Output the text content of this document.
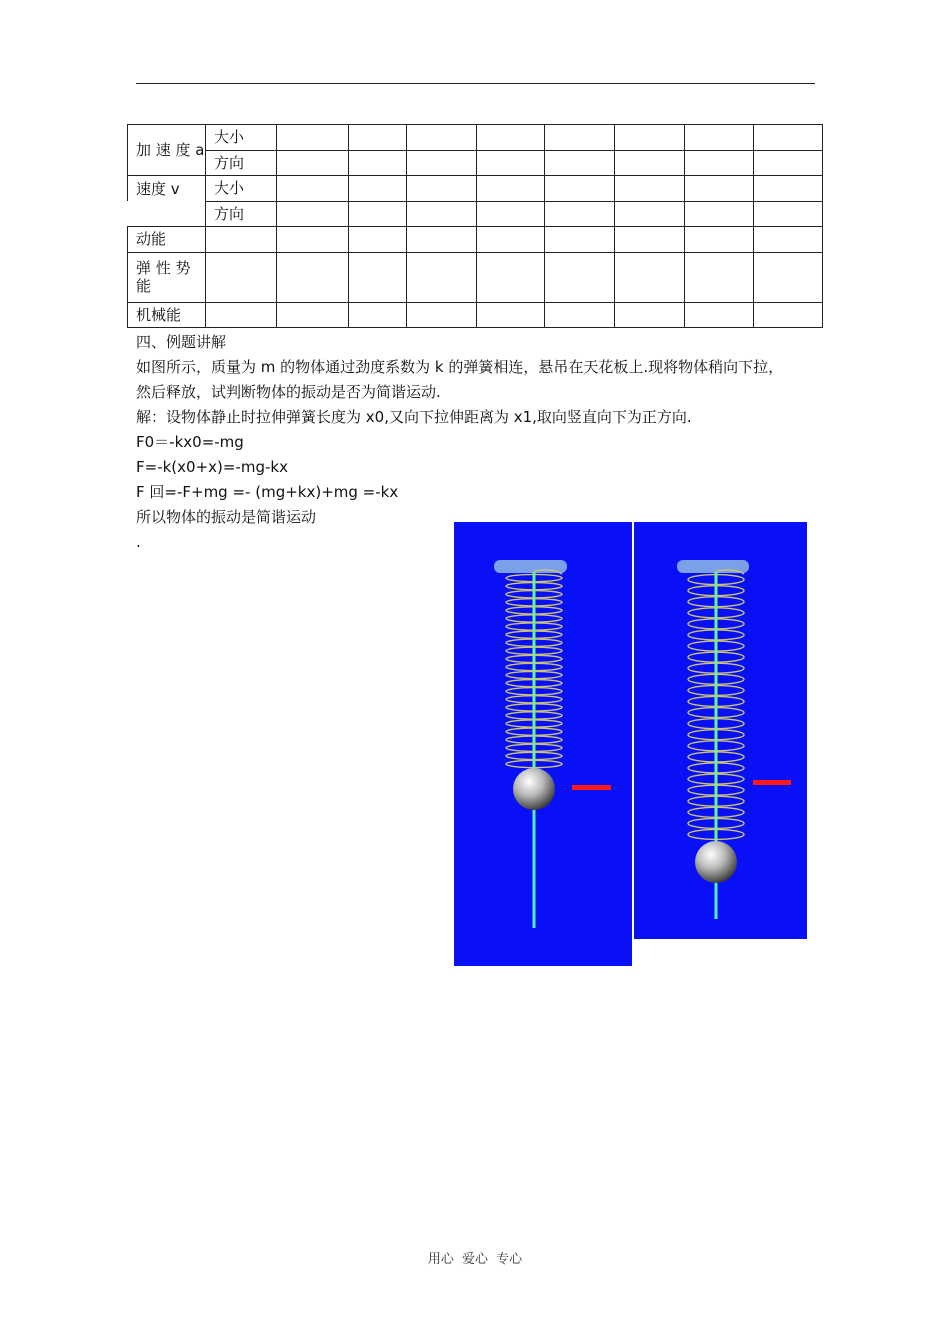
加 速 度 a	大小								
	方向								
速度 v	大小								
	方向								
动能									
弹 性 势 能									
机械能									
四、例题讲解
如图所示，质量为 m 的物体通过劲度系数为 k 的弹簧相连，悬吊在天花板上.现将物体稍向下拉，
然后释放，试判断物体的振动是否为简谐运动.
解：设物体静止时拉伸弹簧长度为 x0,又向下拉伸距离为 x1,取向竖直向下为正方向.
F0＝-kx0=-mg
F=-k(x0+x)=-mg-kx
F 回=-F+mg =- (mg+kx)+mg =-kx
所以物体的振动是简谐运动
.
用心 爱心 专心
